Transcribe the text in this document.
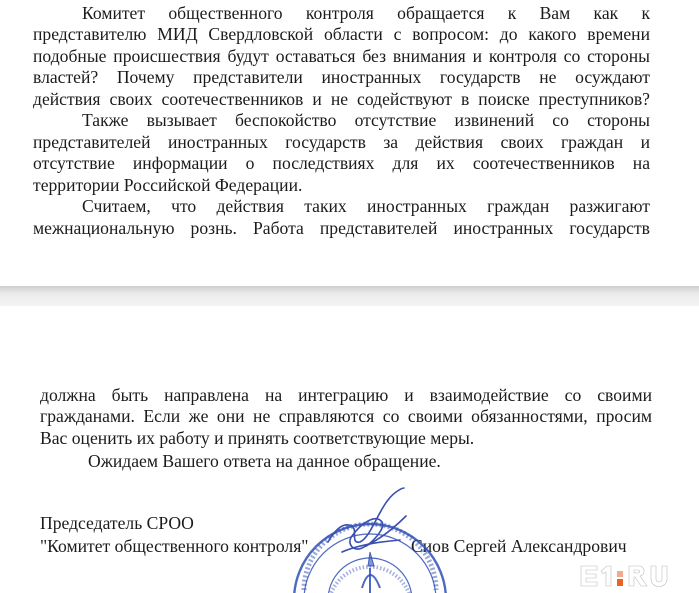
Комитет общественного контроля обращается к Вам как к
представителю МИД Свердловской области с вопросом: до какого времени
подобные происшествия будут оставаться без внимания и контроля со стороны
властей? Почему представители иностранных государств не осуждают
действия своих соотечественников и не содействуют в поиске преступников?
Также вызывает беспокойство отсутствие извинений со стороны
представителей иностранных государств за действия своих граждан и
отсутствие информации о последствиях для их соотечественников на
территории Российской Федерации.
Считаем, что действия таких иностранных граждан разжигают
межнациональную рознь. Работа представителей иностранных государств
должна быть направлена на интеграцию и взаимодействие со своими
гражданами. Если же они не справляются со своими обязанностями, просим
Вас оценить их работу и принять соответствующие меры.
Ожидаем Вашего ответа на данное обращение.
Председатель СРОО
"Комитет общественного контроля"	Сиов Сергей Александрович
